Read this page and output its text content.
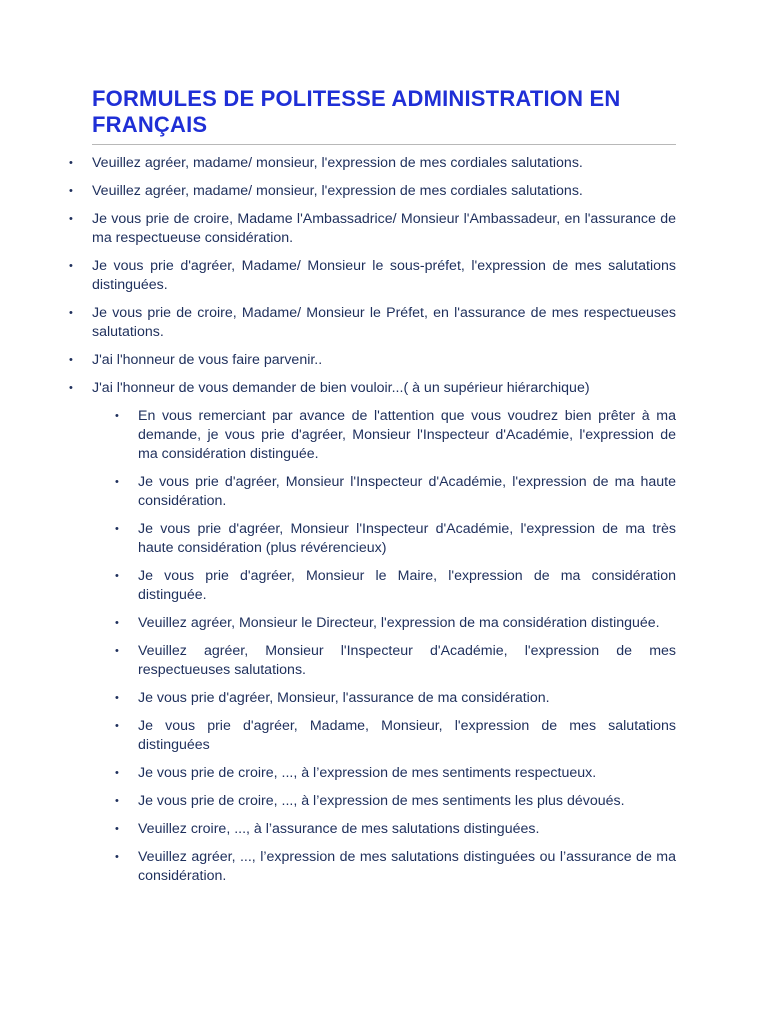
FORMULES DE POLITESSE ADMINISTRATION EN FRANÇAIS
• Veuillez agréer, madame/ monsieur, l'expression de mes cordiales salutations.
• Veuillez agréer, madame/ monsieur, l'expression de mes cordiales salutations.
• Je vous prie de croire, Madame l'Ambassadrice/ Monsieur l'Ambassadeur, en l'assurance de ma respectueuse considération.
• Je vous prie d'agréer, Madame/ Monsieur le sous-préfet, l'expression de mes salutations distinguées.
• Je vous prie de croire, Madame/ Monsieur le Préfet, en l'assurance de mes respectueuses salutations.
• J'ai l'honneur de vous faire parvenir..
• J'ai l'honneur de vous demander de bien vouloir...( à un supérieur hiérarchique)
• En vous remerciant par avance de l'attention que vous voudrez bien prêter à ma demande, je vous prie d'agréer, Monsieur l'Inspecteur d'Académie, l'expression de ma considération distinguée.
• Je vous prie d'agréer, Monsieur l'Inspecteur d'Académie, l'expression de ma haute considération.
• Je vous prie d'agréer, Monsieur l'Inspecteur d'Académie, l'expression de ma très haute considération (plus révérencieux)
• Je vous prie d'agréer, Monsieur le Maire, l'expression de ma considération distinguée.
• Veuillez agréer, Monsieur le Directeur, l'expression de ma considération distinguée.
• Veuillez agréer, Monsieur l'Inspecteur d'Académie, l'expression de mes respectueuses salutations.
• Je vous prie d'agréer, Monsieur, l'assurance de ma considération.
• Je vous prie d'agréer, Madame, Monsieur, l'expression de mes salutations distinguées
• Je vous prie de croire, ..., à l’expression de mes sentiments respectueux.
• Je vous prie de croire, ..., à l’expression de mes sentiments les plus dévoués.
• Veuillez croire, ..., à l’assurance de mes salutations distinguées.
• Veuillez agréer, ..., l’expression de mes salutations distinguées ou l’assurance de ma considération.
